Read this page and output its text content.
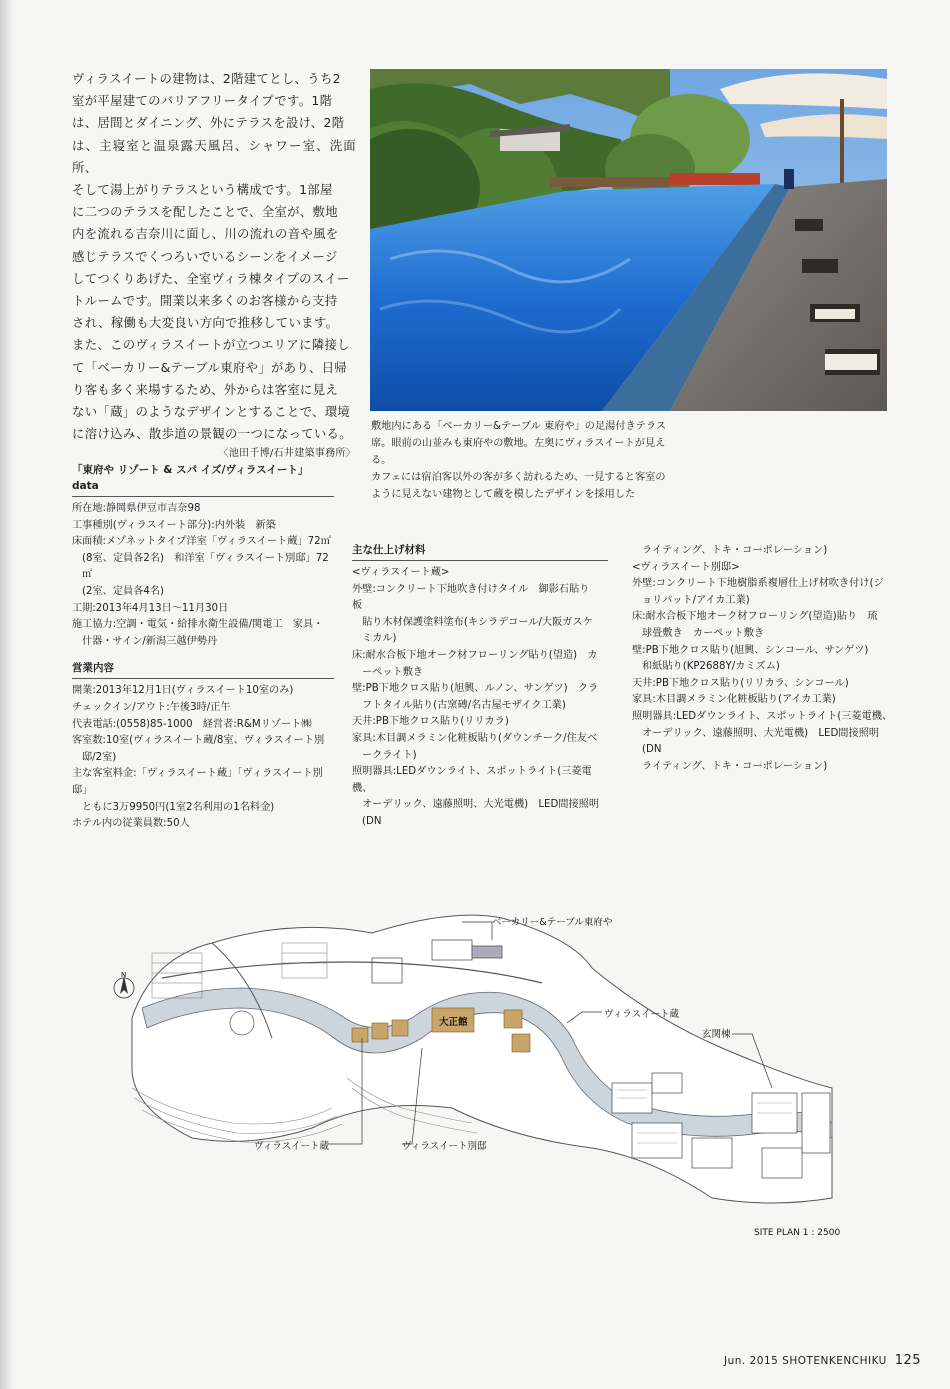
ヴィラスイートの建物は、2階建てとし、うち2

室が平屋建てのバリアフリータイプです。1階

は、居間とダイニング、外にテラスを設け、2階

は、主寝室と温泉露天風呂、シャワー室、洗面所、

そして湯上がりテラスという構成です。1部屋

に二つのテラスを配したことで、全室が、敷地

内を流れる吉奈川に面し、川の流れの音や風を

感じテラスでくつろいでいるシーンをイメージ

してつくりあげた、全室ヴィラ棟タイプのスイー

トルームです。開業以来多くのお客様から支持

され、稼働も大変良い方向で推移しています。

また、このヴィラスイートが立つエリアに隣接し

て「ベーカリー&テーブル東府や」があり、日帰

り客も多く来場するため、外からは客室に見え

ない「蔵」のようなデザインとすることで、環境

に溶け込み、散歩道の景観の一つになっている。

〈池田千博/石井建築事務所〉

敷地内にある「ベーカリー&テーブル 東府や」の足湯付きテラス

席。眼前の山並みも東府やの敷地。左奥にヴィラスイートが見える。

カフェには宿泊客以外の客が多く訪れるため、一見すると客室の

ように見えない建物として蔵を模したデザインを採用した

「東府や リゾート & スパ イズ/ヴィラスイート」data

所在地:静岡県伊豆市吉奈98

工事種別(ヴィラスイート部分):内外装　新築

床面積:メゾネットタイプ洋室「ヴィラスイート蔵」72㎡

(8室、定員各2名)　和洋室「ヴィラスイート別邸」72㎡

(2室、定員各4名)

工期:2013年4月13日〜11月30日

施工協力:空調・電気・給排水衛生設備/関電工　家具・

什器・サイン/新潟三越伊勢丹

営業内容

開業:2013年12月1日(ヴィラスイート10室のみ)

チェックイン/アウト:午後3時/正午

代表電話:(0558)85-1000　経営者:R&Mリゾート㈱

客室数:10室(ヴィラスイート蔵/8室、ヴィラスイート別

邸/2室)

主な客室料金:「ヴィラスイート蔵」「ヴィラスイート別邸」

ともに3万9950円(1室2名利用の1名料金)

ホテル内の従業員数:50人

主な仕上げ材料

<ヴィラスイート蔵>

外壁:コンクリート下地吹き付けタイル　御影石貼り　板

貼り木材保護塗料塗布(キシラデコール/大阪ガスケ

ミカル)

床:耐水合板下地オーク材フローリング貼り(望造)　カ

ーペット敷き

壁:PB下地クロス貼り(旭興、ルノン、サンゲツ)　クラ

フトタイル貼り(古窯磚/名古屋モザイク工業)

天井:PB下地クロス貼り(リリカラ)

家具:木目調メラミン化粧板貼り(ダウンチーク/住友ベ

ークライト)

照明器具:LEDダウンライト、スポットライト(三菱電機、

オーデリック、遠藤照明、大光電機)　LED間接照明(DN

ライティング、トキ・コーポレーション)

<ヴィラスイート別邸>

外壁:コンクリート下地樹脂系複層仕上げ材吹き付け(ジ

ョリパット/アイカ工業)

床:耐水合板下地オーク材フローリング(望造)貼り　琉

球畳敷き　カーペット敷き

壁:PB下地クロス貼り(旭興、シンコール、サンゲツ)

和紙貼り(KP2688Y/カミズム)

天井:PB下地クロス貼り(リリカラ、シンコール)

家具:木目調メラミン化粧板貼り(アイカ工業)

照明器具:LEDダウンライト、スポットライト(三菱電機、

オーデリック、遠藤照明、大光電機)　LED間接照明(DN

ライティング、トキ・コーポレーション)

ベーカリー&テーブル東府や
ヴィラスイート蔵
玄関棟
大正館
ヴィラスイート蔵	ヴィラスイート別邸
N
SITE PLAN 1 : 2500
Jun. 2015 SHOTENKENCHIKU 125
